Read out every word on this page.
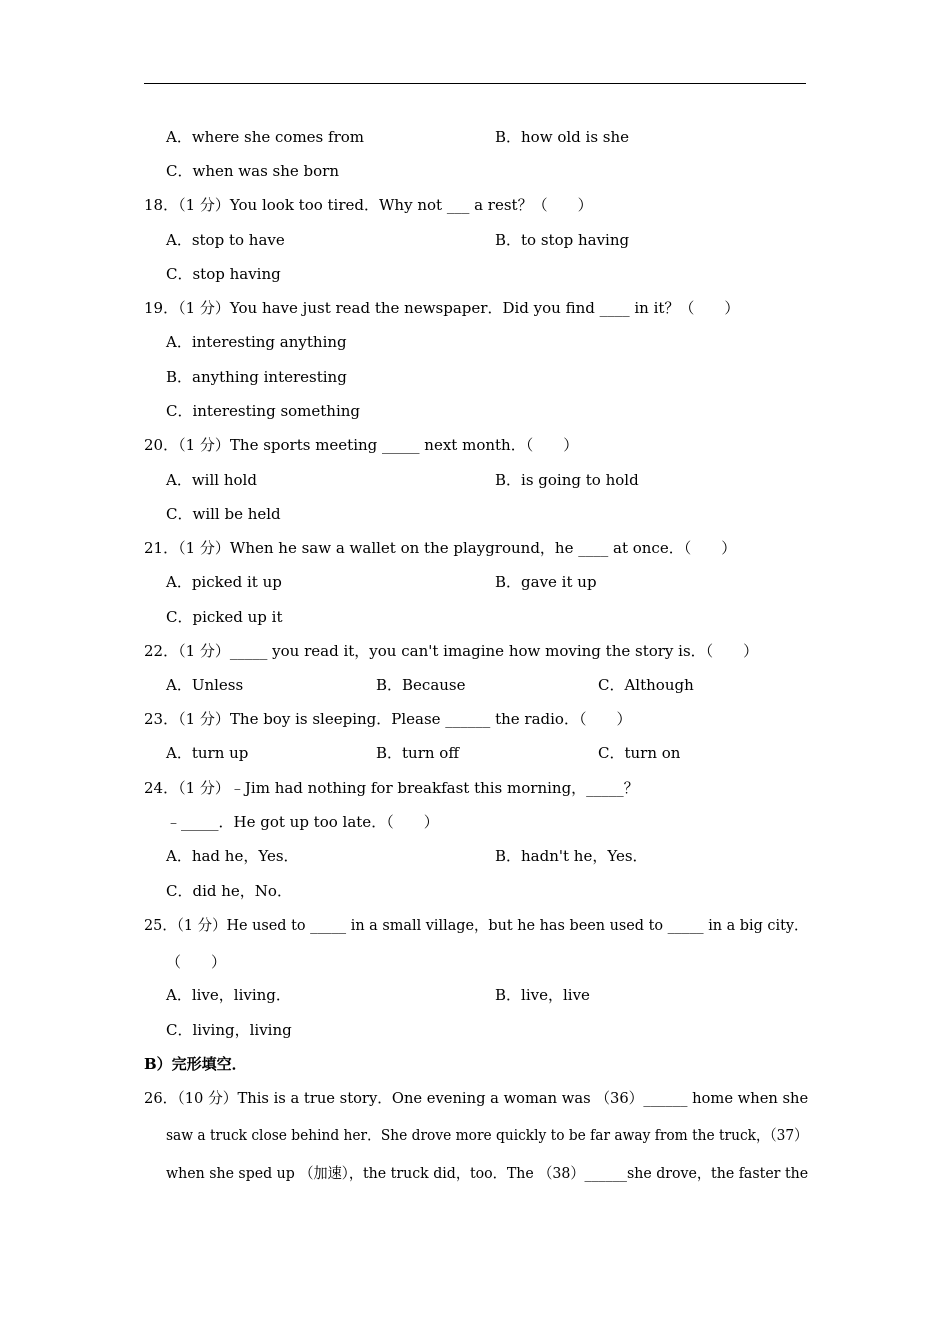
A．where she comes from	B．how old is she
C．when was she born
18．（1 分）You look too tired．Why not ___ a rest？（　　）
A．stop to have	B．to stop having
C．stop having
19．（1 分）You have just read the newspaper．Did you find ____ in it？（　　）
A．interesting anything
B．anything interesting
C．interesting something
20．（1 分）The sports meeting _____ next month．（　　）
A．will hold	B．is going to hold
C．will be held
21．（1 分）When he saw a wallet on the playground，he ____ at once．（　　）
A．picked it up	B．gave it up
C．picked up it
22．（1 分）_____ you read it，you can't imagine how moving the story is．（　　）
A．Unless	B．Because	C．Although
23．（1 分）The boy is sleeping．Please ______ the radio．（　　）
A．turn up	B．turn off	C．turn on
24．（1 分）﹣Jim had nothing for breakfast this morning，_____？
﹣_____．He got up too late．（　　）
A．had he，Yes．	B．hadn't he，Yes．
C．did he，No．
25．（1 分）He used to _____ in a small village，but he has been used to _____ in a big city．
（　　）
A．live，living．	B．live，live
C．living，living
B）完形填空．
26．（10 分）This is a true story．One evening a woman was （36）______ home when she
saw a truck close behind her．She drove more quickly to be far away from the truck，（37）
when she sped up （加速），the truck did，too．The （38）______she drove，the faster the
